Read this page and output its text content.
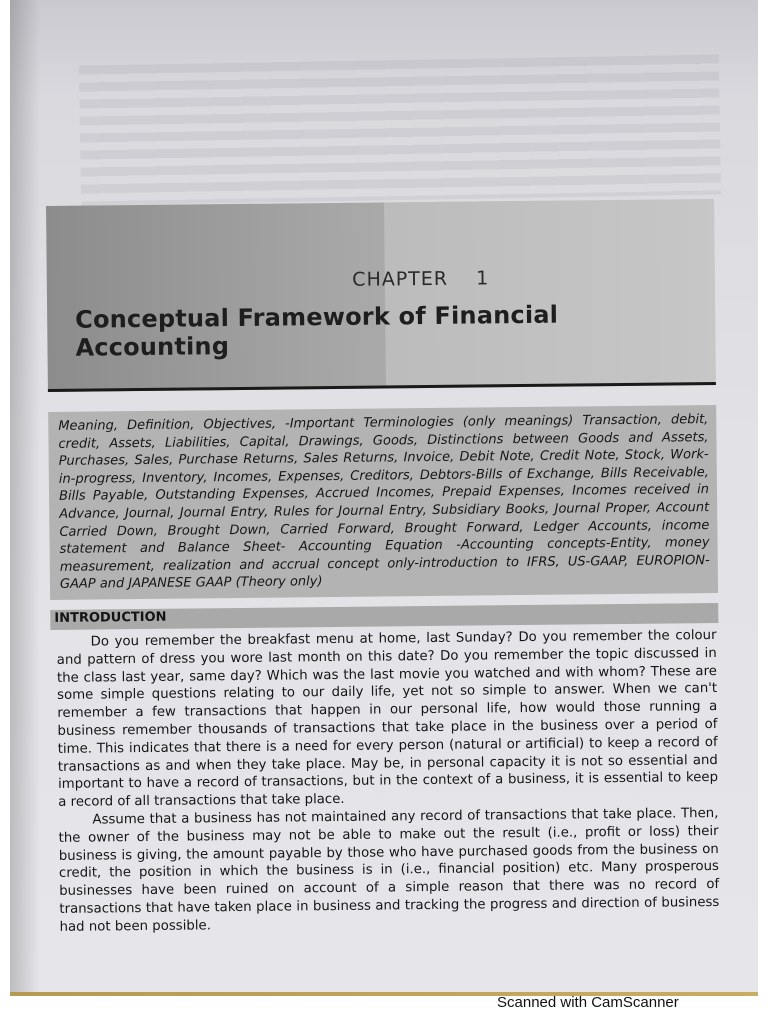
CHAPTER    1
Conceptual Framework of Financial Accounting
Meaning, Definition, Objectives, -Important Terminologies (only meanings) Transaction, debit, credit, Assets, Liabilities, Capital, Drawings, Goods, Distinctions between Goods and Assets, Purchases, Sales, Purchase Returns, Sales Returns, Invoice, Debit Note, Credit Note, Stock, Work-in-progress, Inventory, Incomes, Expenses, Creditors, Debtors-Bills of Exchange, Bills Receivable, Bills Payable, Outstanding Expenses, Accrued Incomes, Prepaid Expenses, Incomes received in Advance, Journal, Journal Entry, Rules for Journal Entry, Subsidiary Books, Journal Proper, Account Carried Down, Brought Down, Carried Forward, Brought Forward, Ledger Accounts, income statement and Balance Sheet- Accounting Equation -Accounting concepts-Entity, money measurement, realization and accrual concept only-introduction to IFRS, US-GAAP, EUROPION-GAAP and JAPANESE GAAP (Theory only)
INTRODUCTION

Do you remember the breakfast menu at home, last Sunday? Do you remember the colour and pattern of dress you wore last month on this date? Do you remember the topic discussed in the class last year, same day? Which was the last movie you watched and with whom? These are some simple questions relating to our daily life, yet not so simple to answer. When we can't remember a few transactions that happen in our personal life, how would those running a business remember thousands of transactions that take place in the business over a period of time. This indicates that there is a need for every person (natural or artificial) to keep a record of transactions as and when they take place. May be, in personal capacity it is not so essential and important to have a record of transactions, but in the context of a business, it is essential to keep a record of all transactions that take place.

Assume that a business has not maintained any record of transactions that take place. Then, the owner of the business may not be able to make out the result (i.e., profit or loss) their business is giving, the amount payable by those who have purchased goods from the business on credit, the position in which the business is in (i.e., financial position) etc. Many prosperous businesses have been ruined on account of a simple reason that there was no record of transactions that have taken place in business and tracking the progress and direction of business had not been possible.

Scanned with CamScanner
